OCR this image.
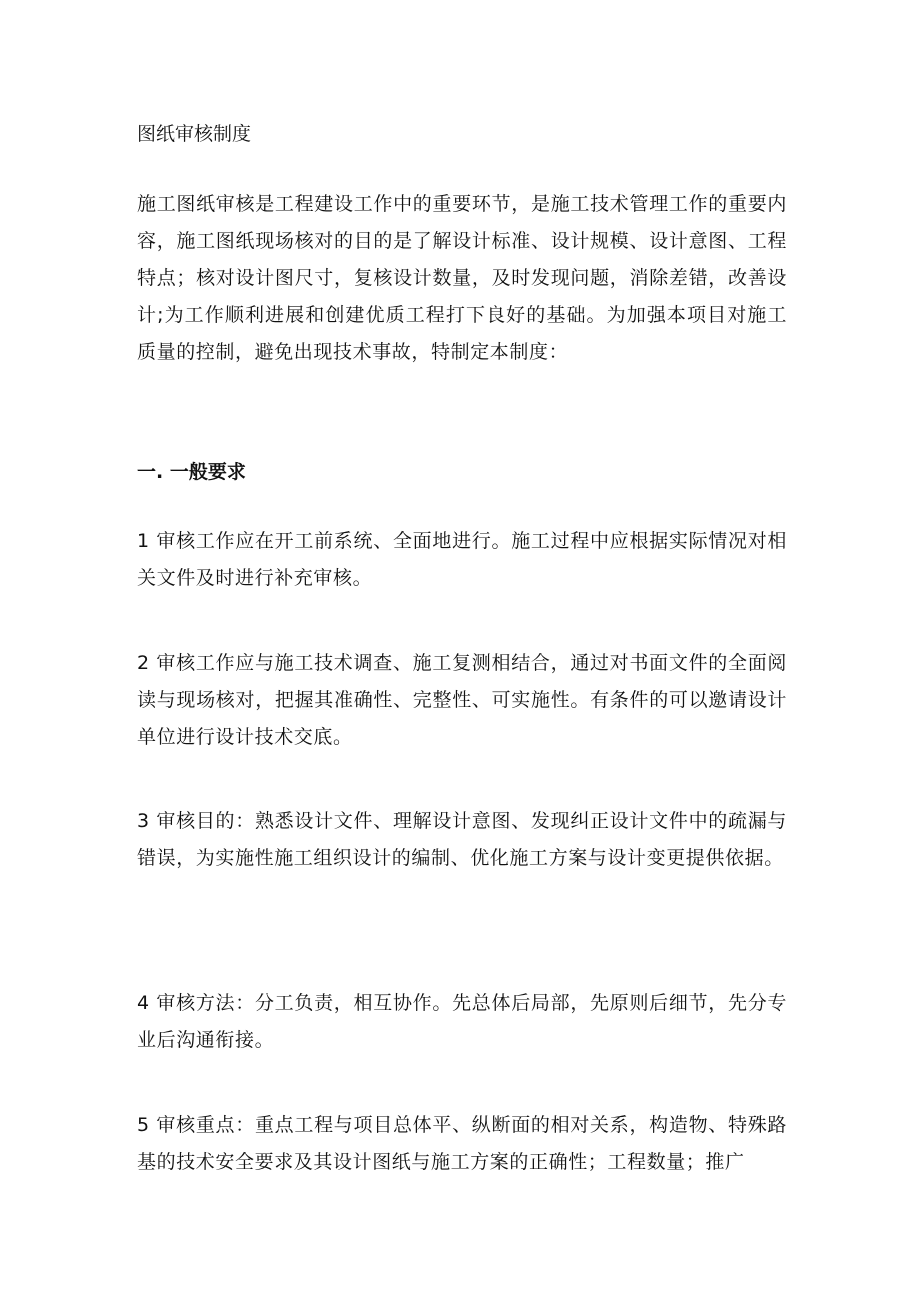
图纸审核制度
施工图纸审核是工程建设工作中的重要环节，是施工技术管理工作的重要内容，施工图纸现场核对的目的是了解设计标准、设计规模、设计意图、工程特点；核对设计图尺寸，复核设计数量，及时发现问题，消除差错，改善设计;为工作顺利进展和创建优质工程打下良好的基础。为加强本项目对施工质量的控制，避免出现技术事故，特制定本制度：
一. 一般要求
1 审核工作应在开工前系统、全面地进行。施工过程中应根据实际情况对相关文件及时进行补充审核。
2 审核工作应与施工技术调查、施工复测相结合，通过对书面文件的全面阅读与现场核对，把握其准确性、完整性、可实施性。有条件的可以邀请设计单位进行设计技术交底。
3 审核目的：熟悉设计文件、理解设计意图、发现纠正设计文件中的疏漏与错误，为实施性施工组织设计的编制、优化施工方案与设计变更提供依据。
4 审核方法：分工负责，相互协作。先总体后局部，先原则后细节，先分专业后沟通衔接。
5 审核重点：重点工程与项目总体平、纵断面的相对关系，构造物、特殊路基的技术安全要求及其设计图纸与施工方案的正确性；工程数量；推广
